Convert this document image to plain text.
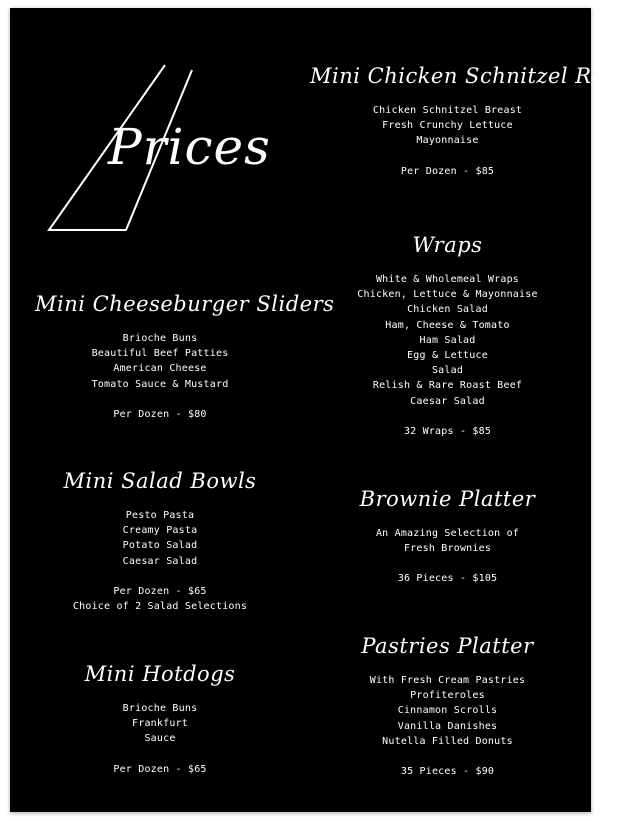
Prices
Mini Cheeseburger Sliders
Brioche Buns
Beautiful Beef Patties
American Cheese
Tomato Sauce & Mustard
Per Dozen - $80
Mini Salad Bowls
Pesto Pasta
Creamy Pasta
Potato Salad
Caesar Salad
Per Dozen - $65
Choice of 2 Salad Selections
Mini Hotdogs
Brioche Buns
Frankfurt
Sauce
Per Dozen - $65
Mini Chicken Schnitzel Rolls
Chicken Schnitzel Breast
Fresh Crunchy Lettuce
Mayonnaise
Per Dozen - $85
Wraps
White & Wholemeal Wraps
Chicken, Lettuce & Mayonnaise
Chicken Salad
Ham, Cheese & Tomato
Ham Salad
Egg & Lettuce
Salad
Relish & Rare Roast Beef
Caesar Salad
32 Wraps - $85
Brownie Platter
An Amazing Selection of
Fresh Brownies
36 Pieces - $105
Pastries Platter
With Fresh Cream Pastries
Profiteroles
Cinnamon Scrolls
Vanilla Danishes
Nutella Filled Donuts
35 Pieces - $90
